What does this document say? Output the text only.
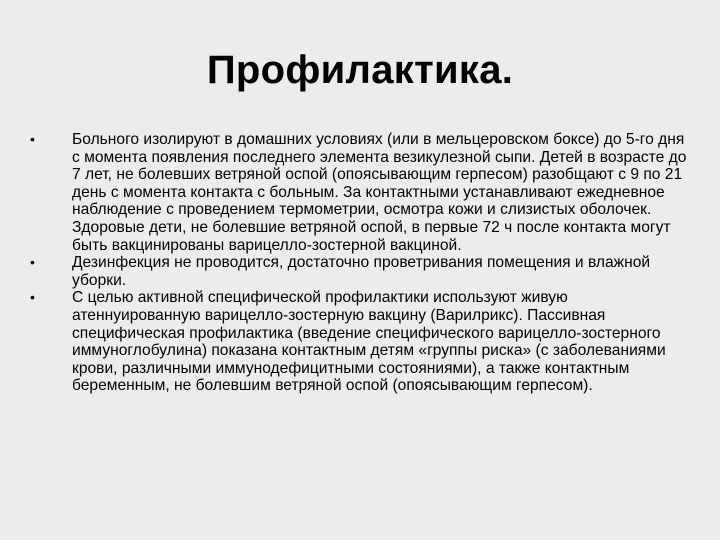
Профилактика.
•	Больного изолируют в домашних условиях (или в мельцеровском боксе) до 5-го дня с момента появления последнего элемента везикулезной сыпи. Детей в возрасте до 7 лет, не болевших ветряной оспой (опоясывающим герпесом) разобщают с 9 по 21 день с момента контакта с больным. За контактными устанавливают ежедневное наблюдение с проведением термометрии, осмотра кожи и слизистых оболочек. Здоровые дети, не болевшие ветряной оспой, в первые 72 ч после контакта могут быть вакцинированы варицелло-зостерной вакциной.
•	Дезинфекция не проводится, достаточно проветривания помещения и влажной уборки.
•	С целью активной специфической профилактики используют живую атеннуированную варицелло-зостерную вакцину (Варилрикс). Пассивная специфическая профилактика (введение специфического варицелло-зостерного иммуноглобулина) показана контактным детям «группы риска» (с заболеваниями крови, различными иммунодефицитными состояниями), а также контактным беременным, не болевшим ветряной оспой (опоясывающим герпесом).
